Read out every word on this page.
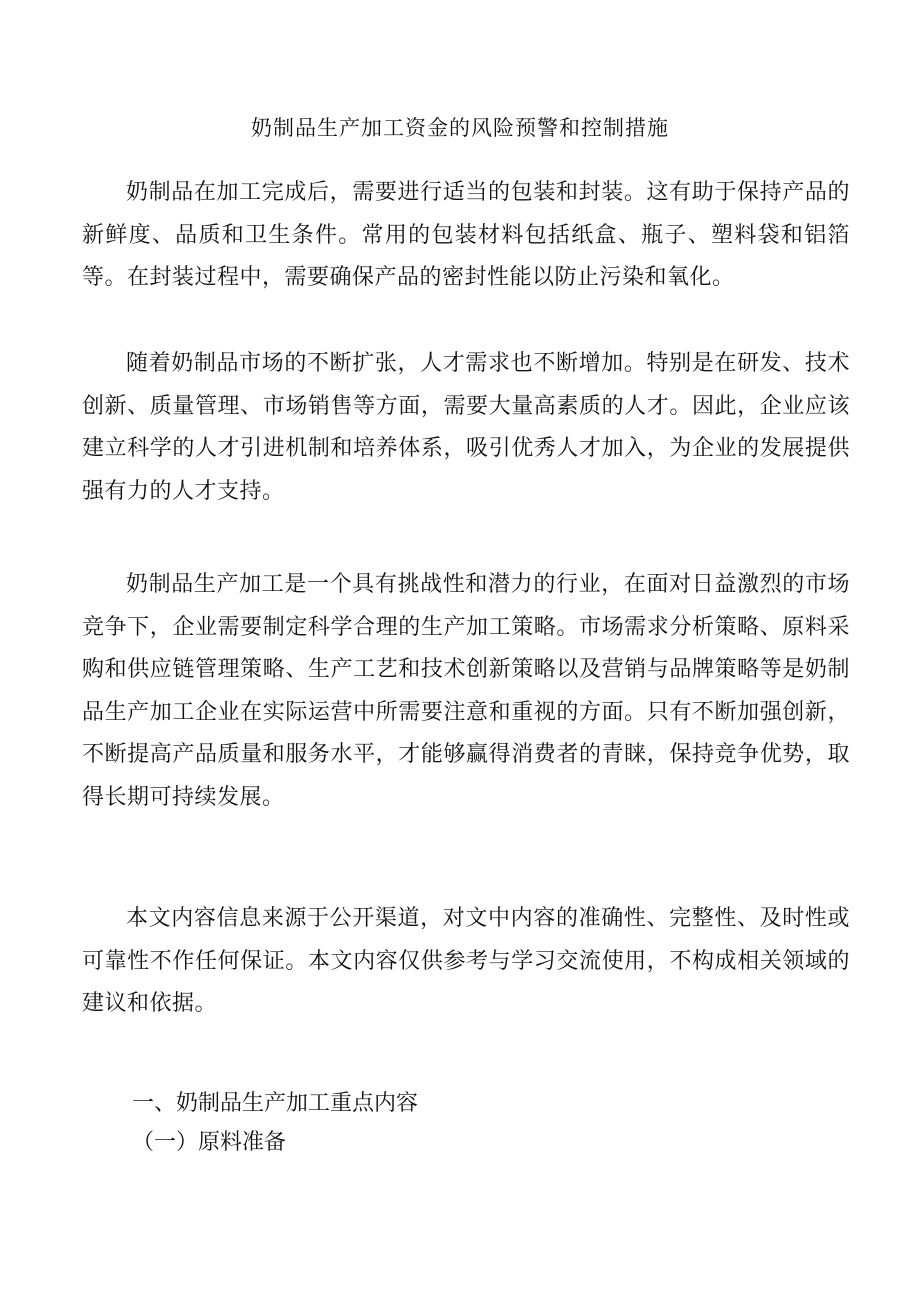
奶制品生产加工资金的风险预警和控制措施

奶制品在加工完成后，需要进行适当的包装和封装。这有助于保持产品的新鲜度、品质和卫生条件。常用的包装材料包括纸盒、瓶子、塑料袋和铝箔等。在封装过程中，需要确保产品的密封性能以防止污染和氧化。

随着奶制品市场的不断扩张，人才需求也不断增加。特别是在研发、技术创新、质量管理、市场销售等方面，需要大量高素质的人才。因此，企业应该建立科学的人才引进机制和培养体系，吸引优秀人才加入，为企业的发展提供强有力的人才支持。

奶制品生产加工是一个具有挑战性和潜力的行业，在面对日益激烈的市场竞争下，企业需要制定科学合理的生产加工策略。市场需求分析策略、原料采购和供应链管理策略、生产工艺和技术创新策略以及营销与品牌策略等是奶制品生产加工企业在实际运营中所需要注意和重视的方面。只有不断加强创新，不断提高产品质量和服务水平，才能够赢得消费者的青睐，保持竞争优势，取得长期可持续发展。

本文内容信息来源于公开渠道，对文中内容的准确性、完整性、及时性或可靠性不作任何保证。本文内容仅供参考与学习交流使用，不构成相关领域的建议和依据。

一、奶制品生产加工重点内容
（一）原料准备
